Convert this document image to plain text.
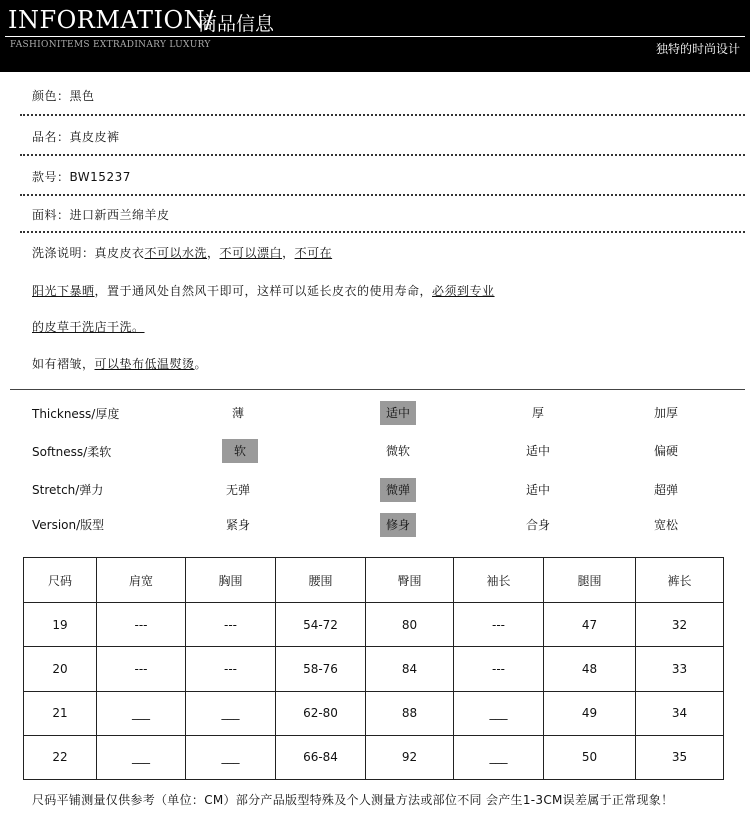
INFORMATION/
商品信息
FASHIONITEMS EXTRADINARY LUXURY	独特的时尚设计
颜色：黑色
品名：真皮皮裤
款号：BW15237
面料：进口新西兰绵羊皮
洗涤说明：真皮皮衣不可以水洗，不可以漂白，不可在
阳光下暴晒，置于通风处自然风干即可，这样可以延长皮衣的使用寿命，必须到专业
的皮草干洗店干洗。
如有褶皱，可以垫布低温熨烫。
Thickness/厚度	薄	适中	厚	加厚
Softness/柔软	软	微软	适中	偏硬
Stretch/弹力	无弹	微弹	适中	超弹
Version/版型	紧身	修身	合身	宽松
尺码	肩宽	胸围	腰围	臀围	袖长	腿围	裤长
19	---	---	54-72	80	---	47	32
20	---	---	58-76	84	---	48	33
21	___	___	62-80	88	___	49	34
22	___	___	66-84	92	___	50	35
尺码平铺测量仅供参考（单位：CM）部分产品版型特殊及个人测量方法或部位不同 会产生1-3CM误差属于正常现象！
